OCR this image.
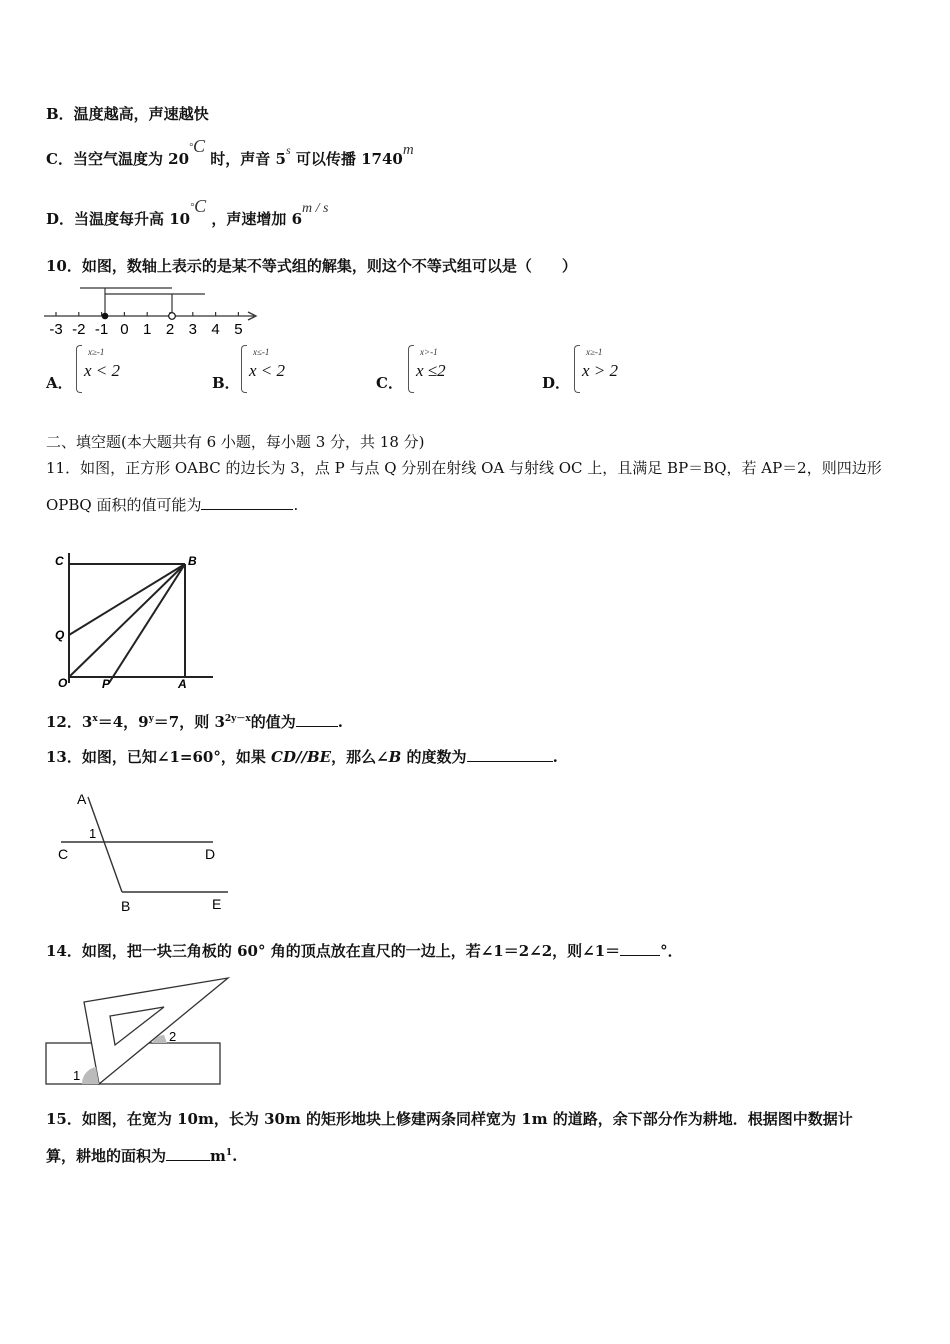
B．温度越高，声速越快
C．当空气温度为 20°C 时，声音 5$^s$ 可以传播 1740m
D．当温度每升高 10°C ，声速增加 6m / s
10．如图，数轴上表示的是某不等式组的解集，则这个不等式组可以是（　　）
-3 -2 -1 0 1 2 3 4 5
A．
x≥-1
x < 2
B．
x≤-1
x < 2
C．
x>-1
x ≤2
D．
x≥-1
x > 2
二、填空题(本大题共有 6 小题，每小题 3 分，共 18 分)
11．如图，正方形 OABC 的边长为 3，点 P 与点 Q 分别在射线 OA 与射线 OC 上，且满足 BP＝BQ，若 AP＝2，则四边形
OPBQ 面积的值可能为	.
C	B
Q
O	P	A
12．$3^x=4$，$9^y=7$，则 $3^{2y-x}$的值为	.
13．如图，已知∠1=60°，如果 CD//BE，那么∠B 的度数为	.
A
1
C	D
B	E
14．如图，把一块三角板的 60° 角的顶点放在直尺的一边上，若∠1＝2∠2，则∠1＝	°．
1
2
15．如图，在宽为 10m，长为 30m 的矩形地块上修建两条同样宽为 1m 的道路，余下部分作为耕地．根据图中数据计
算，耕地的面积为	$m^1$.
